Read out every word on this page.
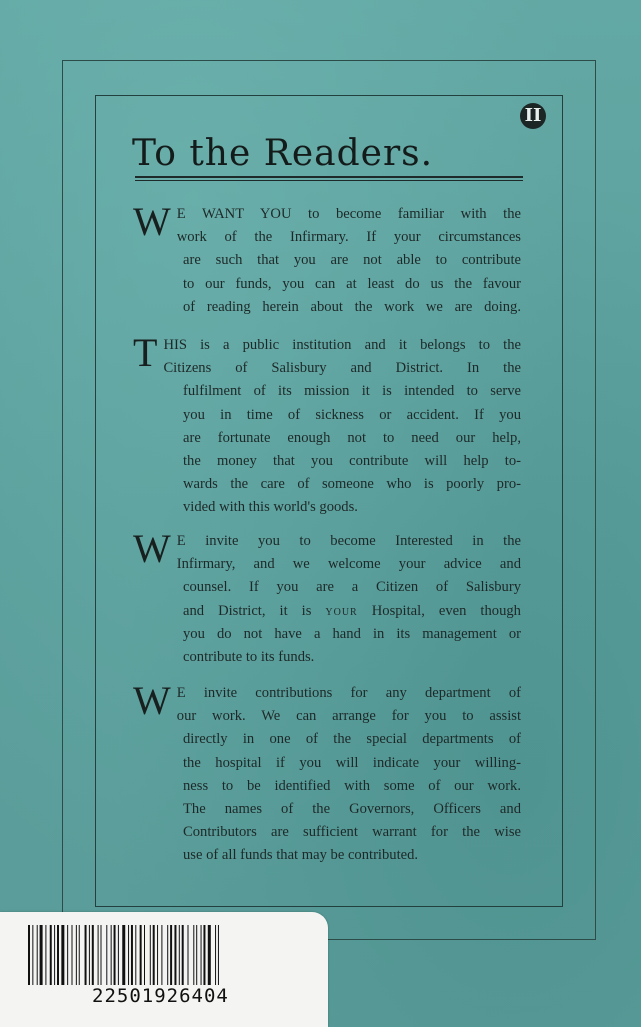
II
To the Readers.
W E WANT YOU to become familiar with the
work of the Infirmary. If your circumstances
are such that you are not able to contribute
to our funds, you can at least do us the favour
of reading herein about the work we are doing.
T HIS is a public institution and it belongs to the
Citizens of Salisbury and District. In the
fulfilment of its mission it is intended to serve
you in time of sickness or accident. If you
are fortunate enough not to need our help,
the money that you contribute will help to-
wards the care of someone who is poorly pro-
vided with this world's goods.
W E invite you to become Interested in the
Infirmary, and we welcome your advice and
counsel. If you are a Citizen of Salisbury
and District, it is your Hospital, even though
you do not have a hand in its management or
contribute to its funds.
W E invite contributions for any department of
our work. We can arrange for you to assist
directly in one of the special departments of
the hospital if you will indicate your willing-
ness to be identified with some of our work.
The names of the Governors, Officers and
Contributors are sufficient warrant for the wise
use of all funds that may be contributed.
22501926404
